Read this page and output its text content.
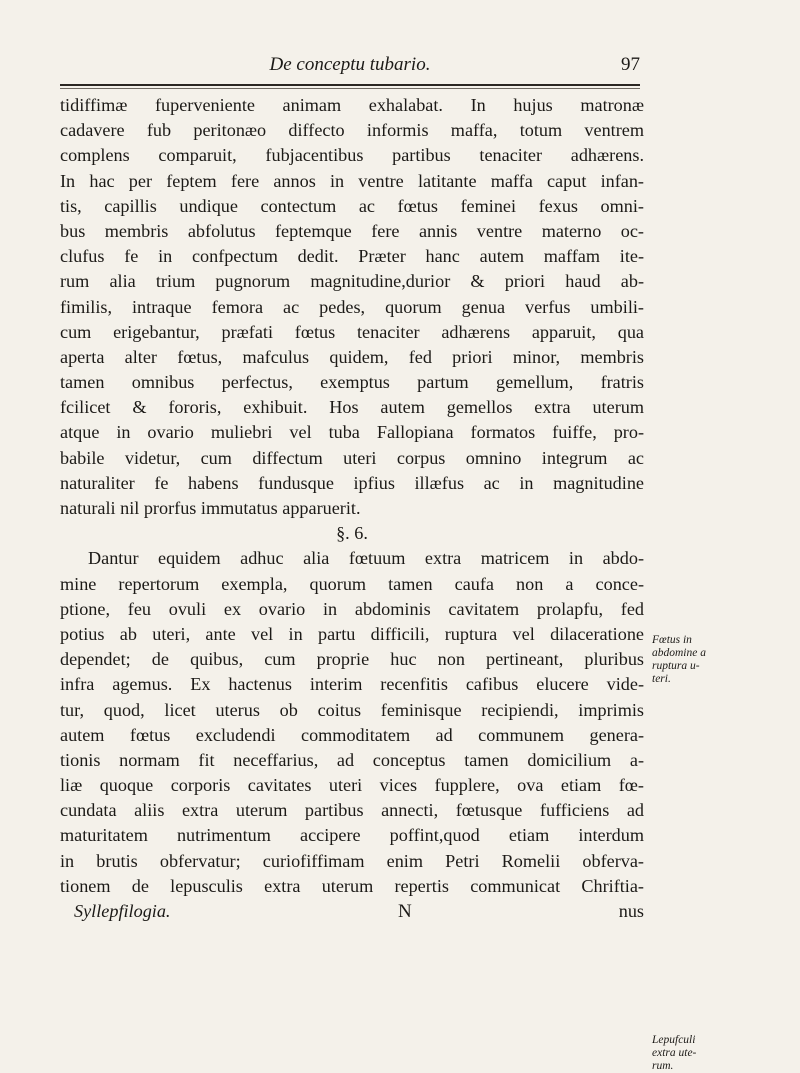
De conceptu tubario.	97
tidiffimæ fuperveniente animam exhalabat. In hujus matronæ
cadavere fub peritonæo diffecto informis maffa, totum ventrem
complens comparuit, fubjacentibus partibus tenaciter adhærens.
In hac per feptem fere annos in ventre latitante maffa caput infan-
tis, capillis undique contectum ac fœtus feminei fexus omni-
bus membris abfolutus feptemque fere annis ventre materno oc-
clufus fe in confpectum dedit. Præter hanc autem maffam ite-
rum alia trium pugnorum magnitudine,durior & priori haud ab-
fimilis, intraque femora ac pedes, quorum genua verfus umbili-
cum erigebantur, præfati fœtus tenaciter adhærens apparuit, qua
aperta alter fœtus, mafculus quidem, fed priori minor, membris
tamen omnibus perfectus, exemptus partum gemellum, fratris
fcilicet & fororis, exhibuit. Hos autem gemellos extra uterum
atque in ovario muliebri vel tuba Fallopiana formatos fuiffe, pro-
babile videtur, cum diffectum uteri corpus omnino integrum ac
naturaliter fe habens fundusque ipfius illæfus ac in magnitudine
naturali nil prorfus immutatus apparuerit.
§. 6.
Dantur equidem adhuc alia fœtuum extra matricem in abdo-
mine repertorum exempla, quorum tamen caufa non a conce-
ptione, feu ovuli ex ovario in abdominis cavitatem prolapfu, fed
potius ab uteri, ante vel in partu difficili, ruptura vel dilaceratione
dependet; de quibus, cum proprie huc non pertineant, pluribus
infra agemus. Ex hactenus interim recenfitis cafibus elucere vide-
tur, quod, licet uterus ob coitus feminisque recipiendi, imprimis
autem fœtus excludendi commoditatem ad communem genera-
tionis normam fit neceffarius, ad conceptus tamen domicilium a-
liæ quoque corporis cavitates uteri vices fupplere, ova etiam fœ-
cundata aliis extra uterum partibus annecti, fœtusque fufficiens ad
maturitatem nutrimentum accipere poffint,quod etiam interdum
in brutis obfervatur; curiofiffimam enim Petri Romelii obferva-
tionem de lepusculis extra uterum repertis communicat Chriftia-
Syllepfilogia.	N	nus
Fœtus in
abdomine a
ruptura u-
teri.
Lepufculi
extra ute-
rum.
